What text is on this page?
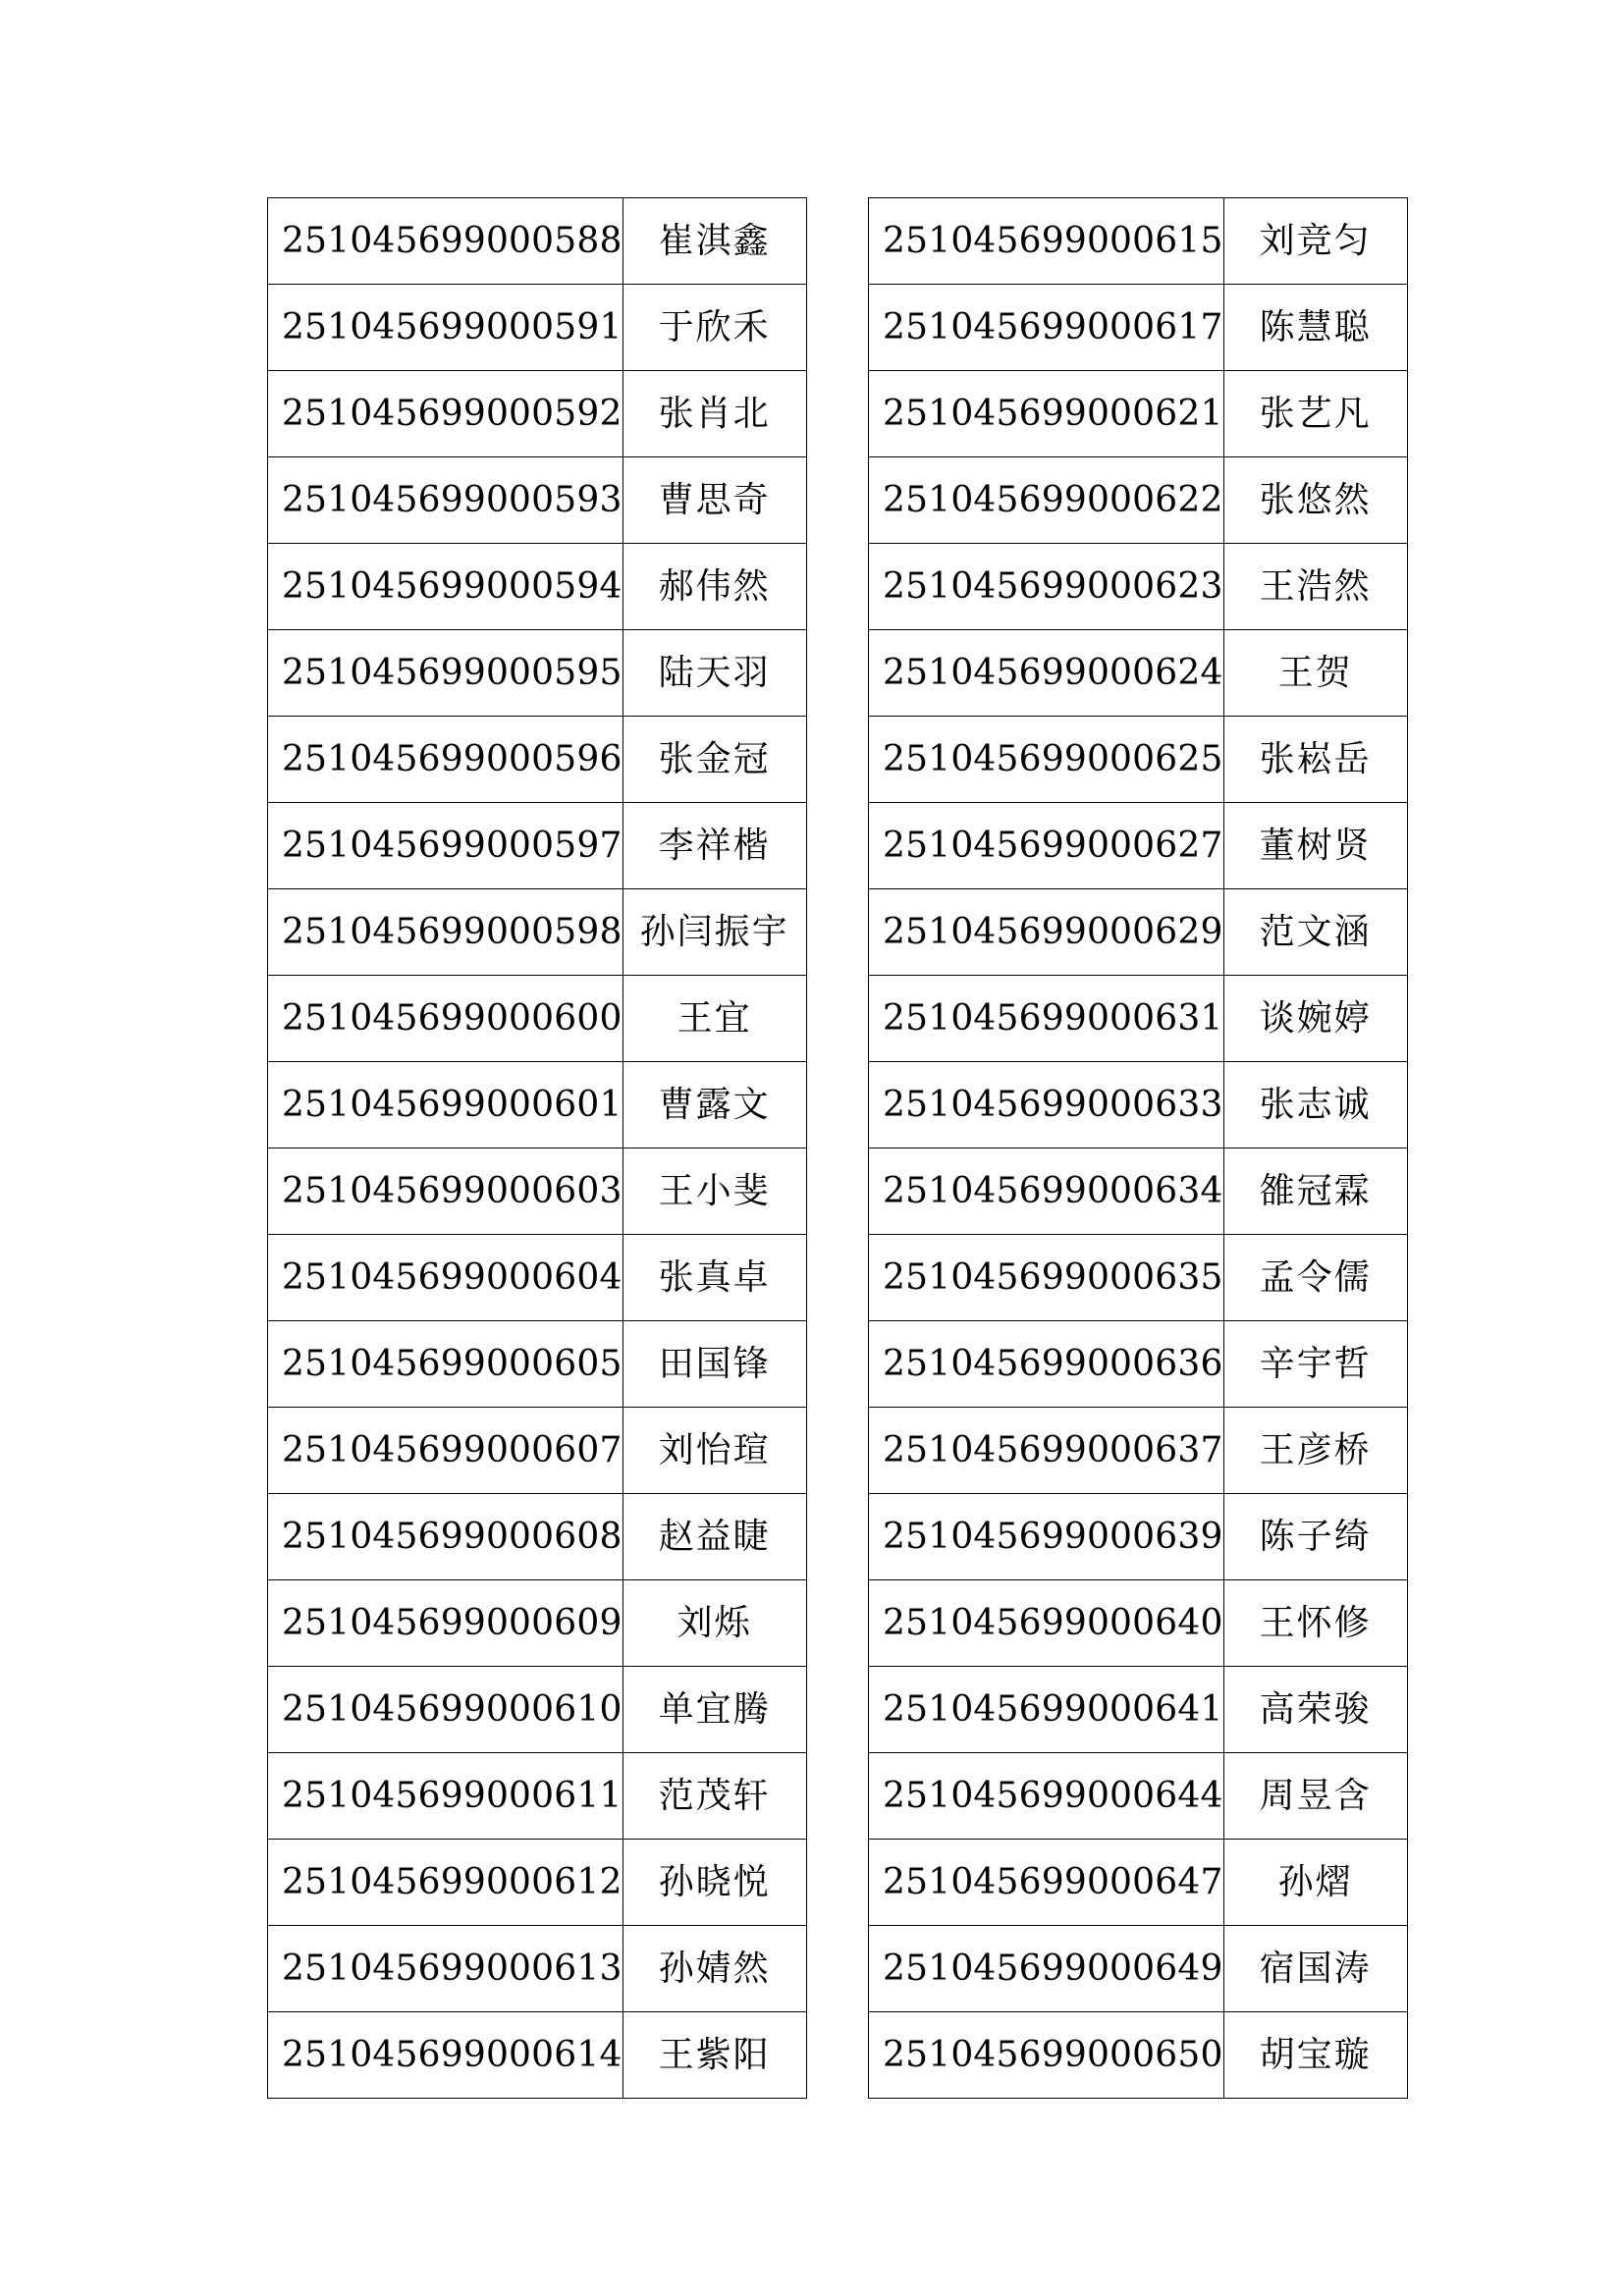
251045699000588	崔淇鑫
251045699000591	于欣禾
251045699000592	张肖北
251045699000593	曹思奇
251045699000594	郝伟然
251045699000595	陆天羽
251045699000596	张金冠
251045699000597	李祥楷
251045699000598	孙闫振宇
251045699000600	王宜
251045699000601	曹露文
251045699000603	王小斐
251045699000604	张真卓
251045699000605	田国锋
251045699000607	刘怡瑄
251045699000608	赵益睫
251045699000609	刘烁
251045699000610	单宜腾
251045699000611	范茂轩
251045699000612	孙晓悦
251045699000613	孙婧然
251045699000614	王紫阳
251045699000615	刘竞匀
251045699000617	陈慧聪
251045699000621	张艺凡
251045699000622	张悠然
251045699000623	王浩然
251045699000624	王贺
251045699000625	张崧岳
251045699000627	董树贤
251045699000629	范文涵
251045699000631	谈婉婷
251045699000633	张志诚
251045699000634	雒冠霖
251045699000635	孟令儒
251045699000636	辛宇哲
251045699000637	王彦桥
251045699000639	陈子绮
251045699000640	王怀修
251045699000641	高荣骏
251045699000644	周昱含
251045699000647	孙熠
251045699000649	宿国涛
251045699000650	胡宝璇
